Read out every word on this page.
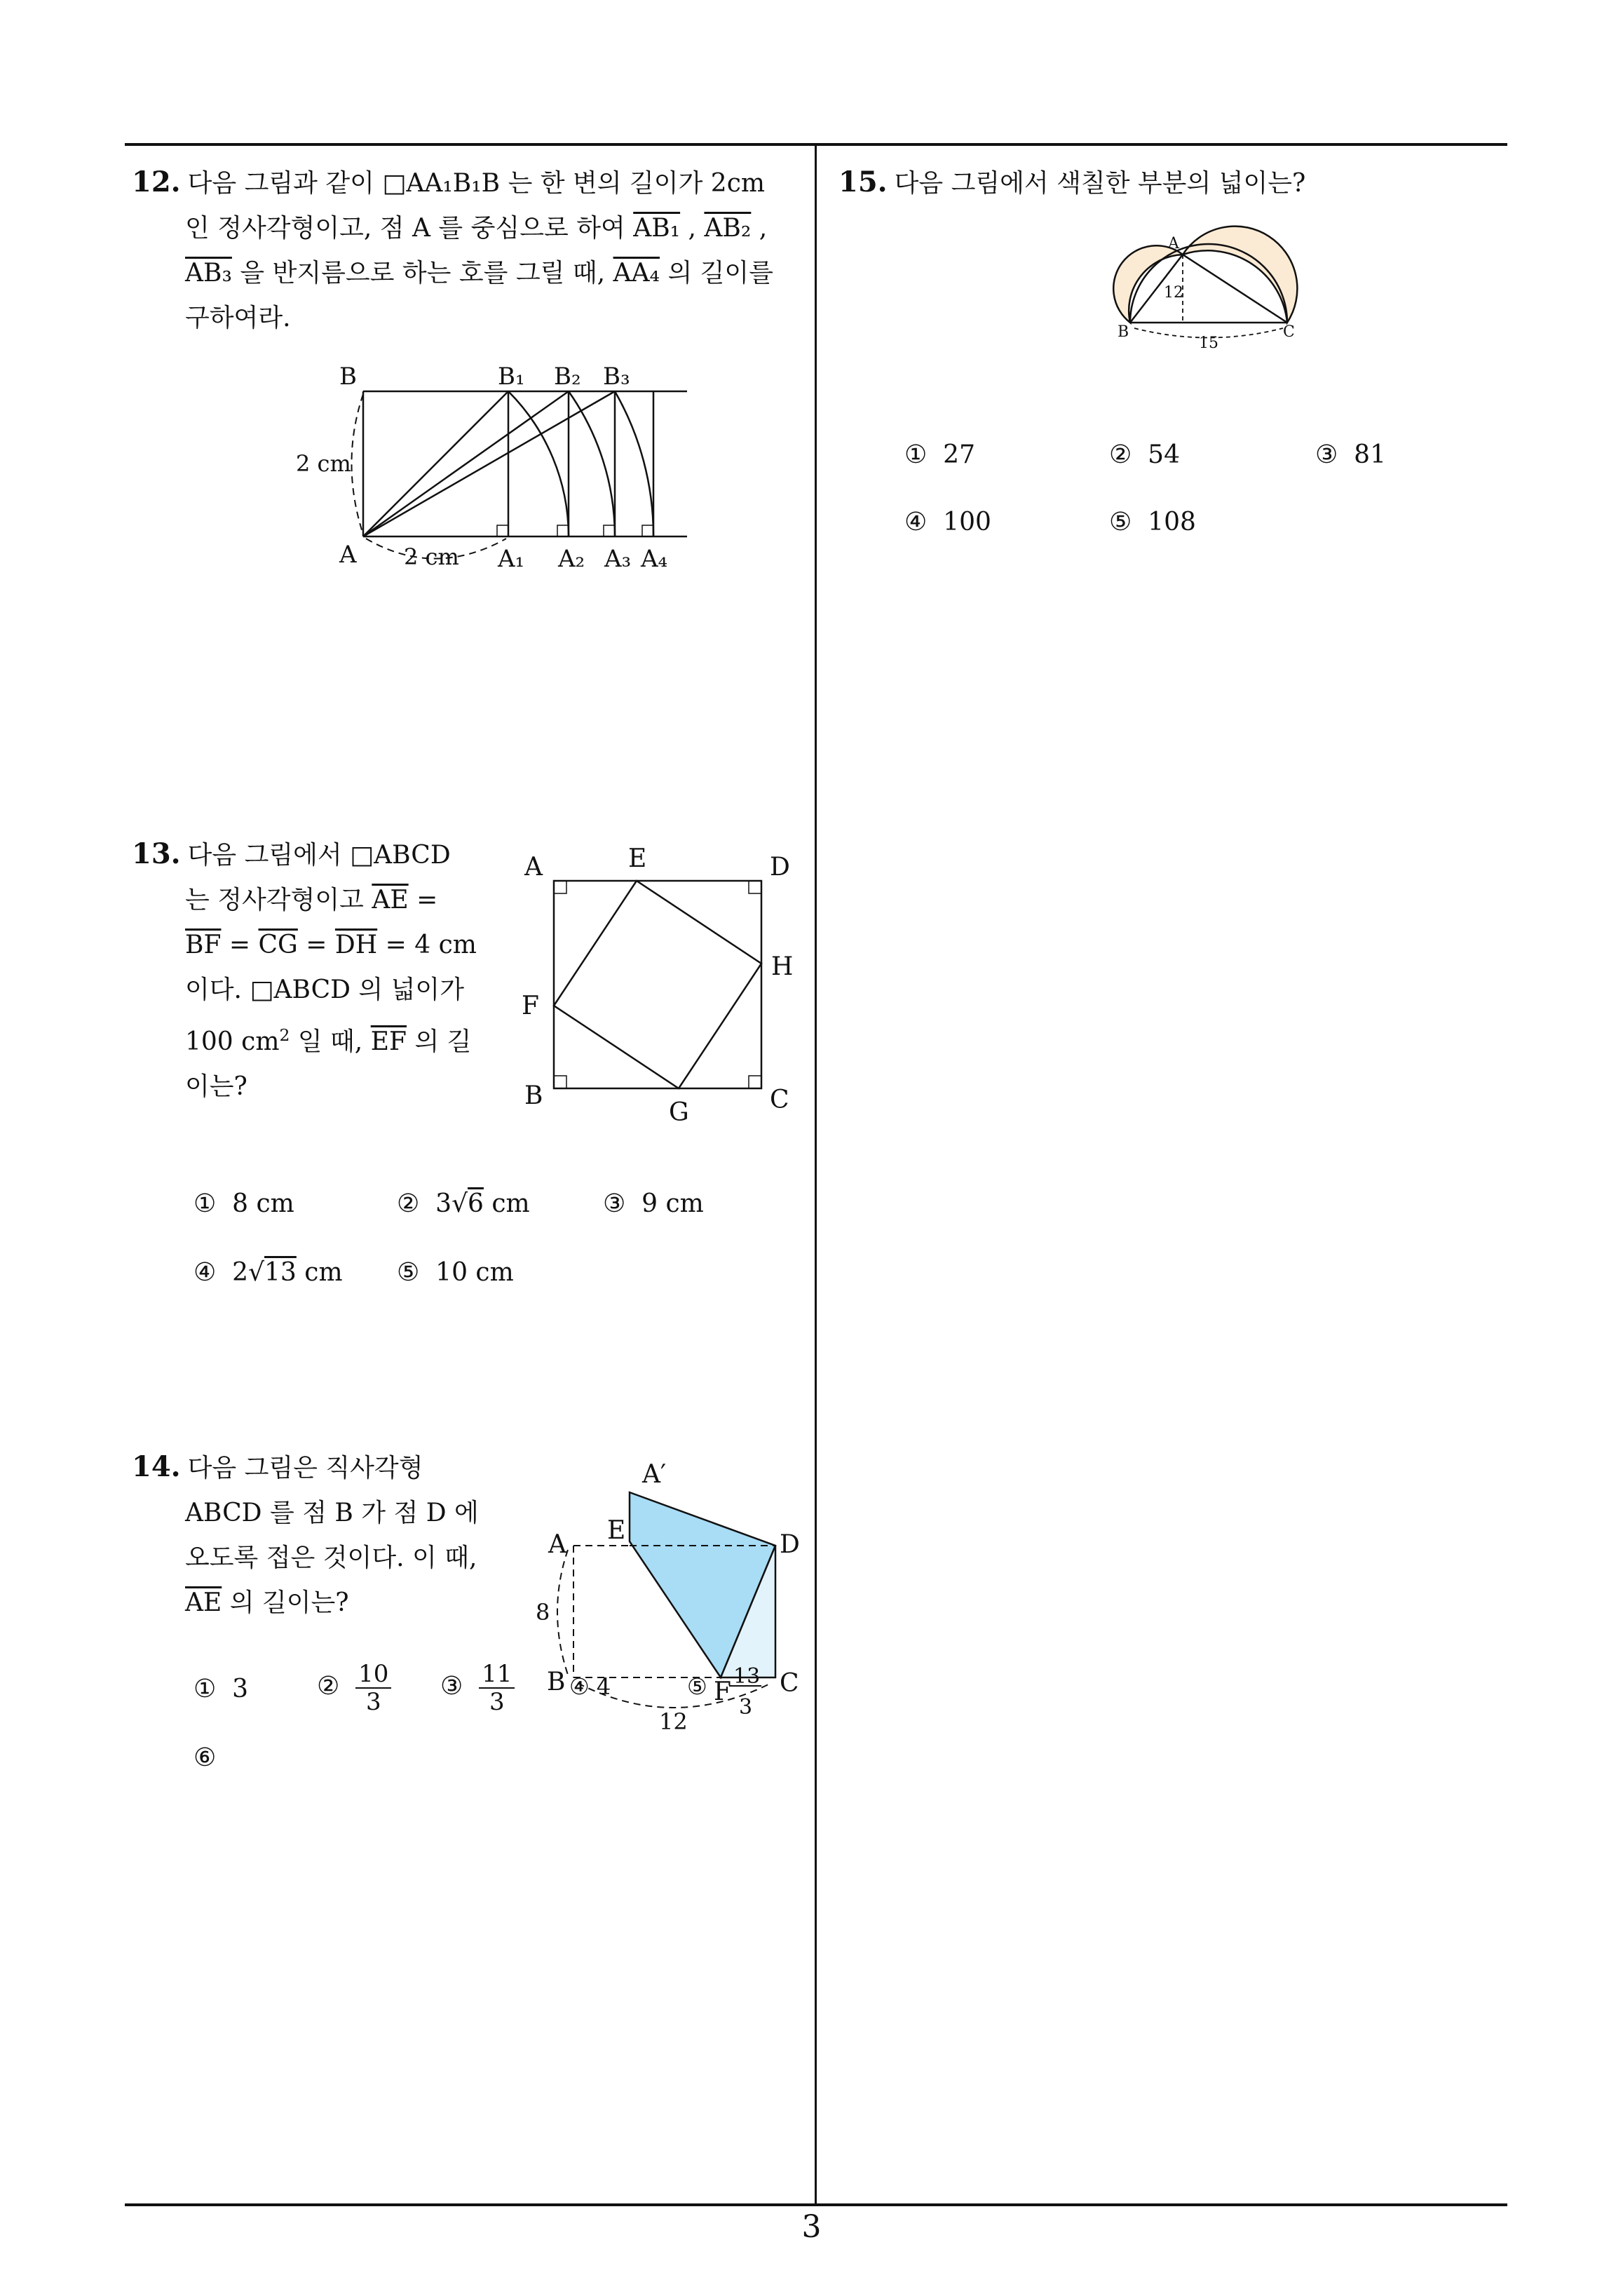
12. 다음 그림과 같이 □AA₁B₁B 는 한 변의 길이가 2cm
인 정사각형이고, 점 A 를 중심으로 하여 AB₁ , AB₂ ,
AB₃ 을 반지름으로 하는 호를 그릴 때, AA₄ 의 길이를
구하여라.
B	B₁ B₂ B₃
A	A₁ A₂ A₃ A₄
2 cm
2 cm
13. 다음 그림에서 □ABCD
는 정사각형이고 $\overline{AE}$ =
$\overline{BF} = \overline{CG} = \overline{DH} = 4$ cm
이다. □ABCD 의 넓이가
100 $cm^2$ 일 때, $\overline{EF}$ 의 길
이는?
A	E	D
H
F
B
G	C
① 8 cm	② 3√6 cm	③ 9 cm
④ 2√13 cm ⑤ 10 cm
14. 다음 그림은 직사각형
ABCD 를 점 B 가 점 D 에
오도록 접은 것이다. 이 때,
$\overline{AE}$ 의 길이는?
① 3	② $\frac{10}{3}$ ③ $\frac{11}{3}$
⑥
A′
E
A	D
8
B ④ 4	⑤ F
13
3
C
12
15. 다음 그림에서 색칠한 부분의 넓이는?
A
B	C
12
15
① 27	② 54	③ 81
④ 100	⑤ 108
3
